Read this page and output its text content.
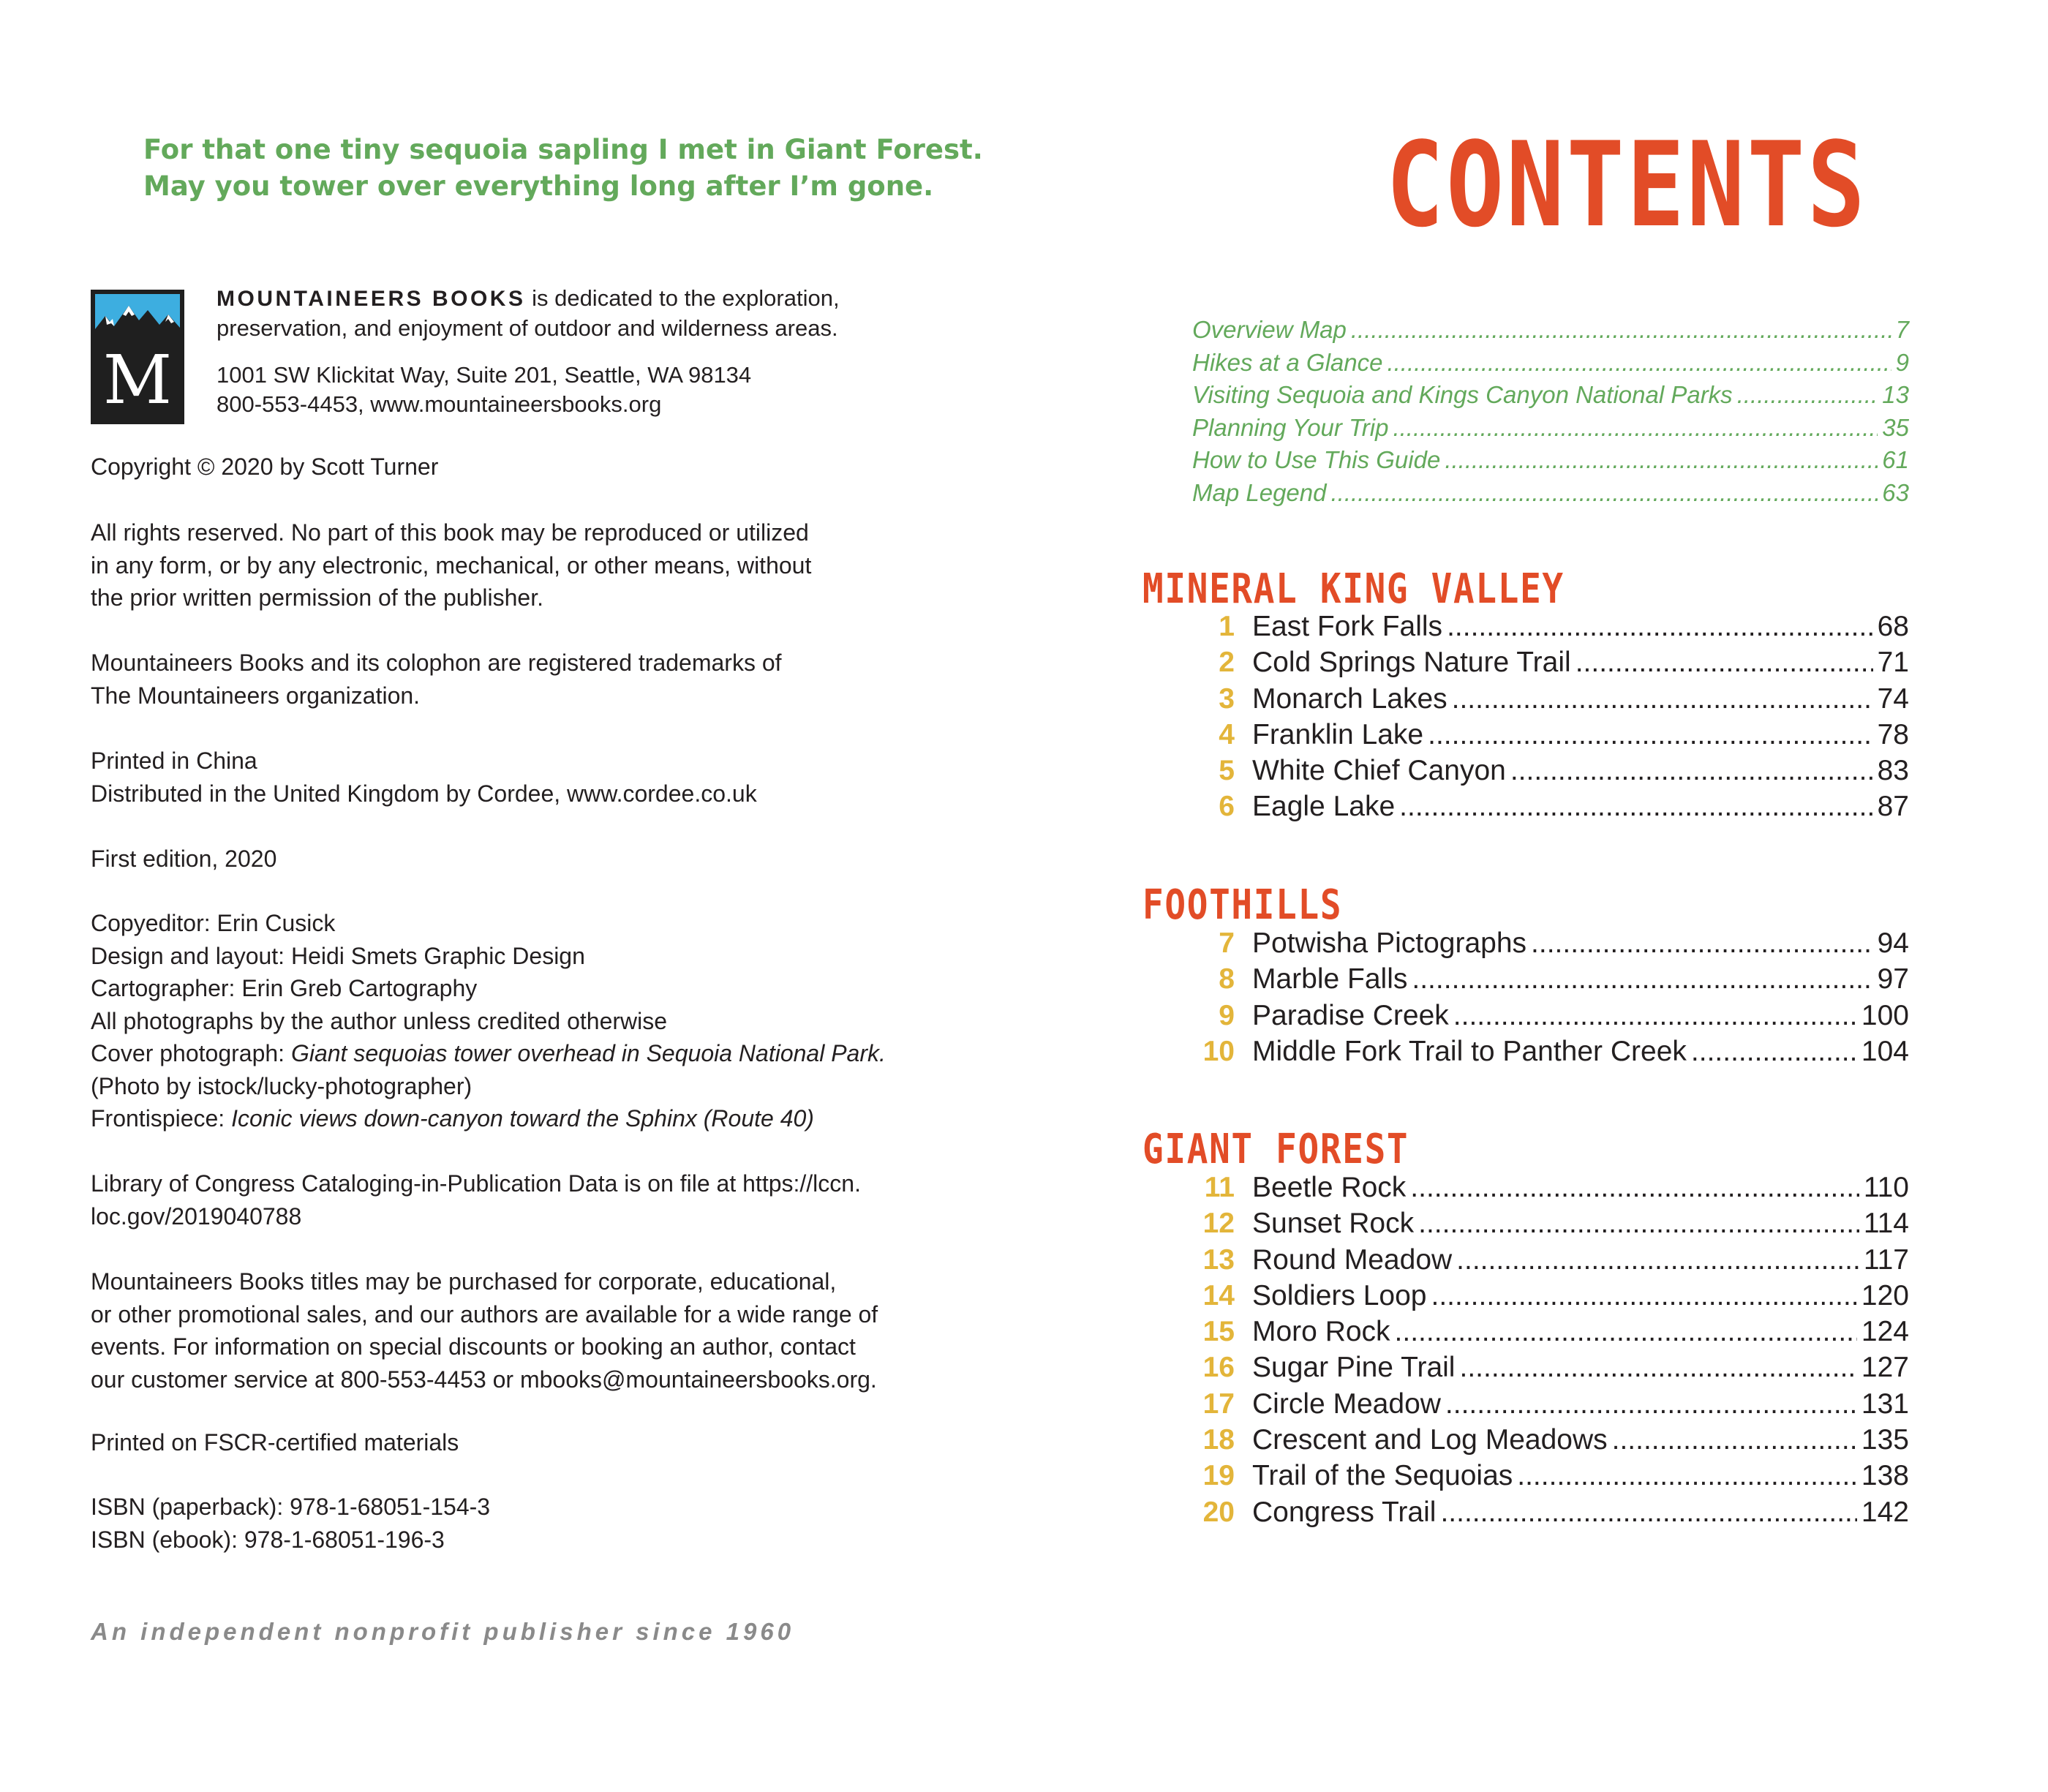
For that one tiny sequoia sapling I met in Giant Forest.
May you tower over everything long after I’m gone.
M
MOUNTAINEERS BOOKS is dedicated to the exploration,
preservation, and enjoyment of outdoor and wilderness areas.
1001 SW Klickitat Way, Suite 201, Seattle, WA 98134
800-553-4453, www.mountaineersbooks.org
Copyright © 2020 by Scott Turner
All rights reserved. No part of this book may be reproduced or utilized
in any form, or by any electronic, mechanical, or other means, without
the prior written permission of the publisher.
Mountaineers Books and its colophon are registered trademarks of
The Mountaineers organization.
Printed in China
Distributed in the United Kingdom by Cordee, www.cordee.co.uk
First edition, 2020
Copyeditor: Erin Cusick
Design and layout: Heidi Smets Graphic Design
Cartographer: Erin Greb Cartography
All photographs by the author unless credited otherwise
Cover photograph: Giant sequoias tower overhead in Sequoia National Park.
(Photo by istock/lucky-photographer)
Frontispiece: Iconic views down-canyon toward the Sphinx (Route 40)
Library of Congress Cataloging-in-Publication Data is on file at https://lccn.
loc.gov/2019040788
Mountaineers Books titles may be purchased for corporate, educational,
or other promotional sales, and our authors are available for a wide range of
events. For information on special discounts or booking an author, contact
our customer service at 800-553-4453 or mbooks@mountaineersbooks.org.
Printed on FSCR-certified materials
ISBN (paperback): 978-1-68051-154-3
ISBN (ebook): 978-1-68051-196-3
An independent nonprofit publisher since 1960
CONTENTS
Overview Map .....	7
Hikes at a Glance .....	9
Visiting Sequoia and Kings Canyon National Parks .....	13
Planning Your Trip .....	35
How to Use This Guide .....	61
Map Legend .....	63
MINERAL KING VALLEY
1 East Fork Falls .....	68
2 Cold Springs Nature Trail .....	71
3 Monarch Lakes .....	74
4 Franklin Lake .....	78
5 White Chief Canyon .....	83
6 Eagle Lake .....	87
FOOTHILLS
7 Potwisha Pictographs .....	94
8 Marble Falls .....	97
9 Paradise Creek .....	100
10 Middle Fork Trail to Panther Creek .....	104
GIANT FOREST
11 Beetle Rock .....	110
12 Sunset Rock .....	114
13 Round Meadow .....	117
14 Soldiers Loop .....	120
15 Moro Rock .....	124
16 Sugar Pine Trail .....	127
17 Circle Meadow .....	131
18 Crescent and Log Meadows .....	135
19 Trail of the Sequoias .....	138
20 Congress Trail .....	142
